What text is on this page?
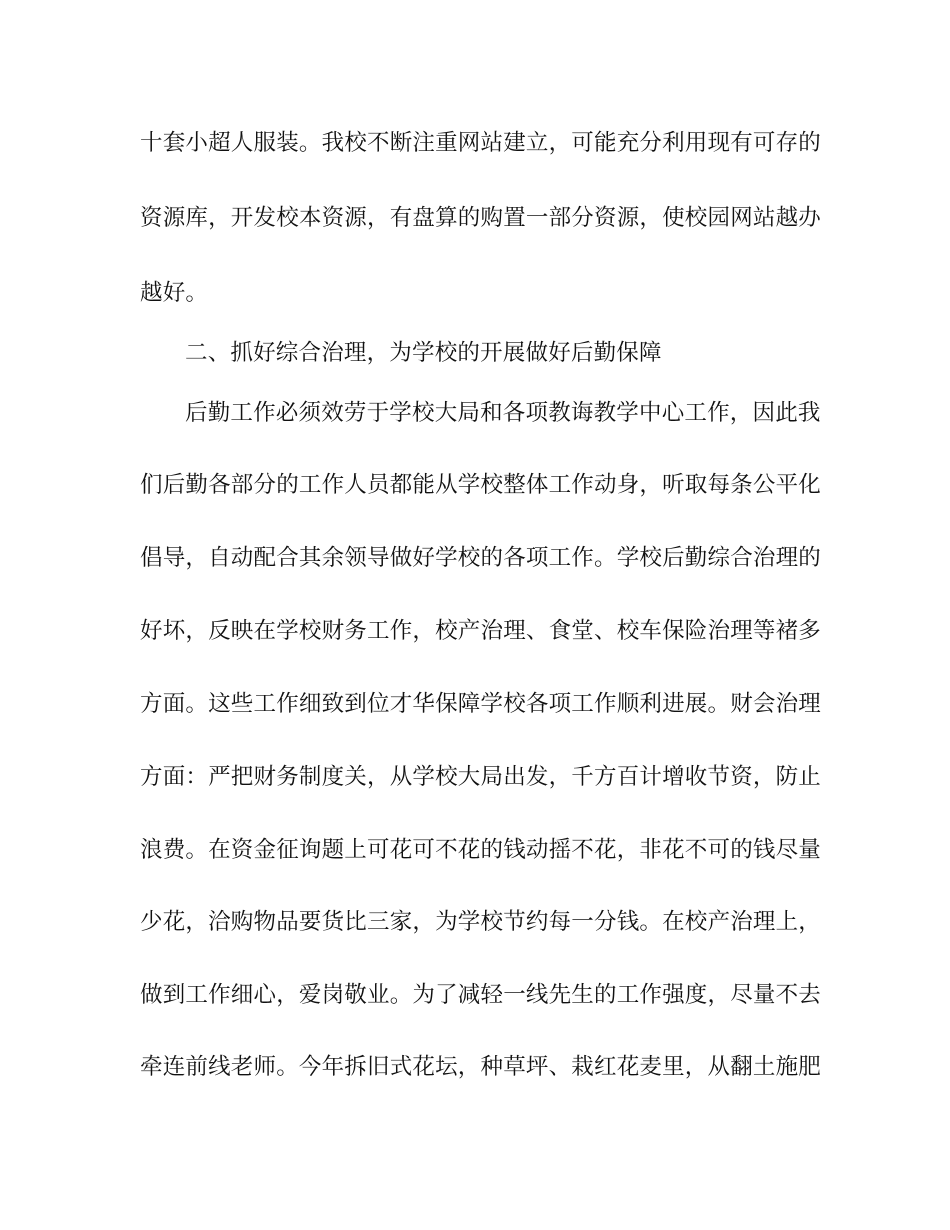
十套小超人服装。我校不断注重网站建立，可能充分利用现有可存的
资源库，开发校本资源，有盘算的购置一部分资源，使校园网站越办
越好。
二、抓好综合治理，为学校的开展做好后勤保障
后勤工作必须效劳于学校大局和各项教诲教学中心工作，因此我
们后勤各部分的工作人员都能从学校整体工作动身，听取每条公平化
倡导，自动配合其余领导做好学校的各项工作。学校后勤综合治理的
好坏，反映在学校财务工作，校产治理、食堂、校车保险治理等褚多
方面。这些工作细致到位才华保障学校各项工作顺利进展。财会治理
方面：严把财务制度关，从学校大局出发，千方百计增收节资，防止
浪费。在资金征询题上可花可不花的钱动摇不花，非花不可的钱尽量
少花，洽购物品要货比三家，为学校节约每一分钱。在校产治理上，
做到工作细心，爱岗敬业。为了减轻一线先生的工作强度，尽量不去
牵连前线老师。今年拆旧式花坛，种草坪、栽红花麦里，从翻土施肥
